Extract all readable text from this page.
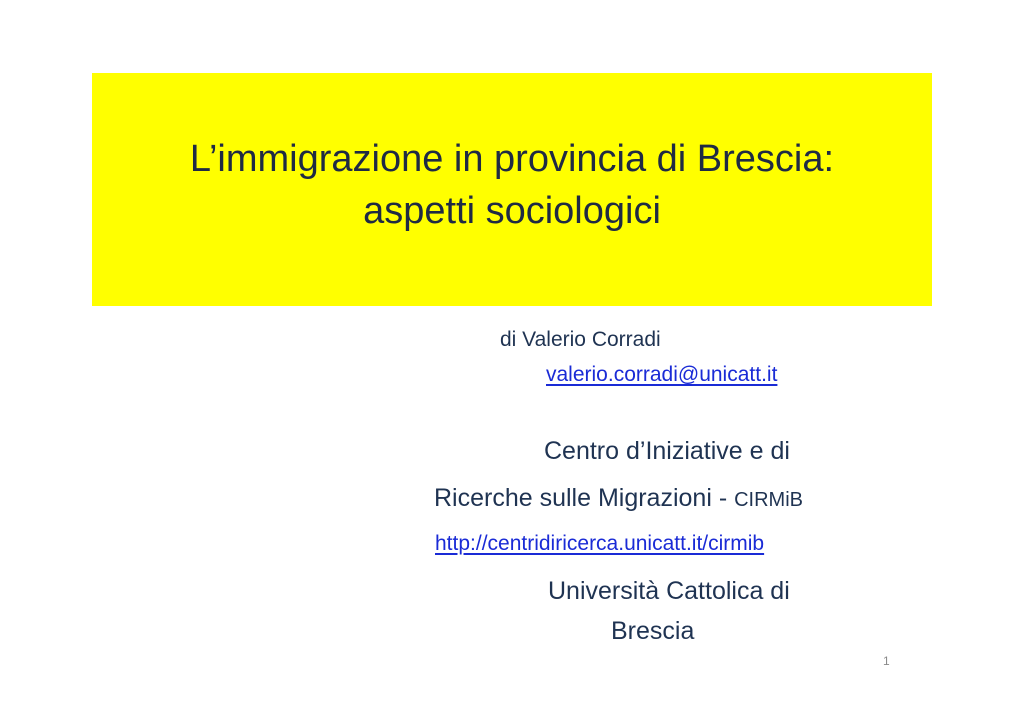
L’immigrazione in provincia di Brescia:
aspetti sociologici
di Valerio Corradi
valerio.corradi@unicatt.it
Centro d’Iniziative e di
Ricerche sulle Migrazioni - CIRMiB
http://centridiricerca.unicatt.it/cirmib
Università Cattolica di
Brescia
1
